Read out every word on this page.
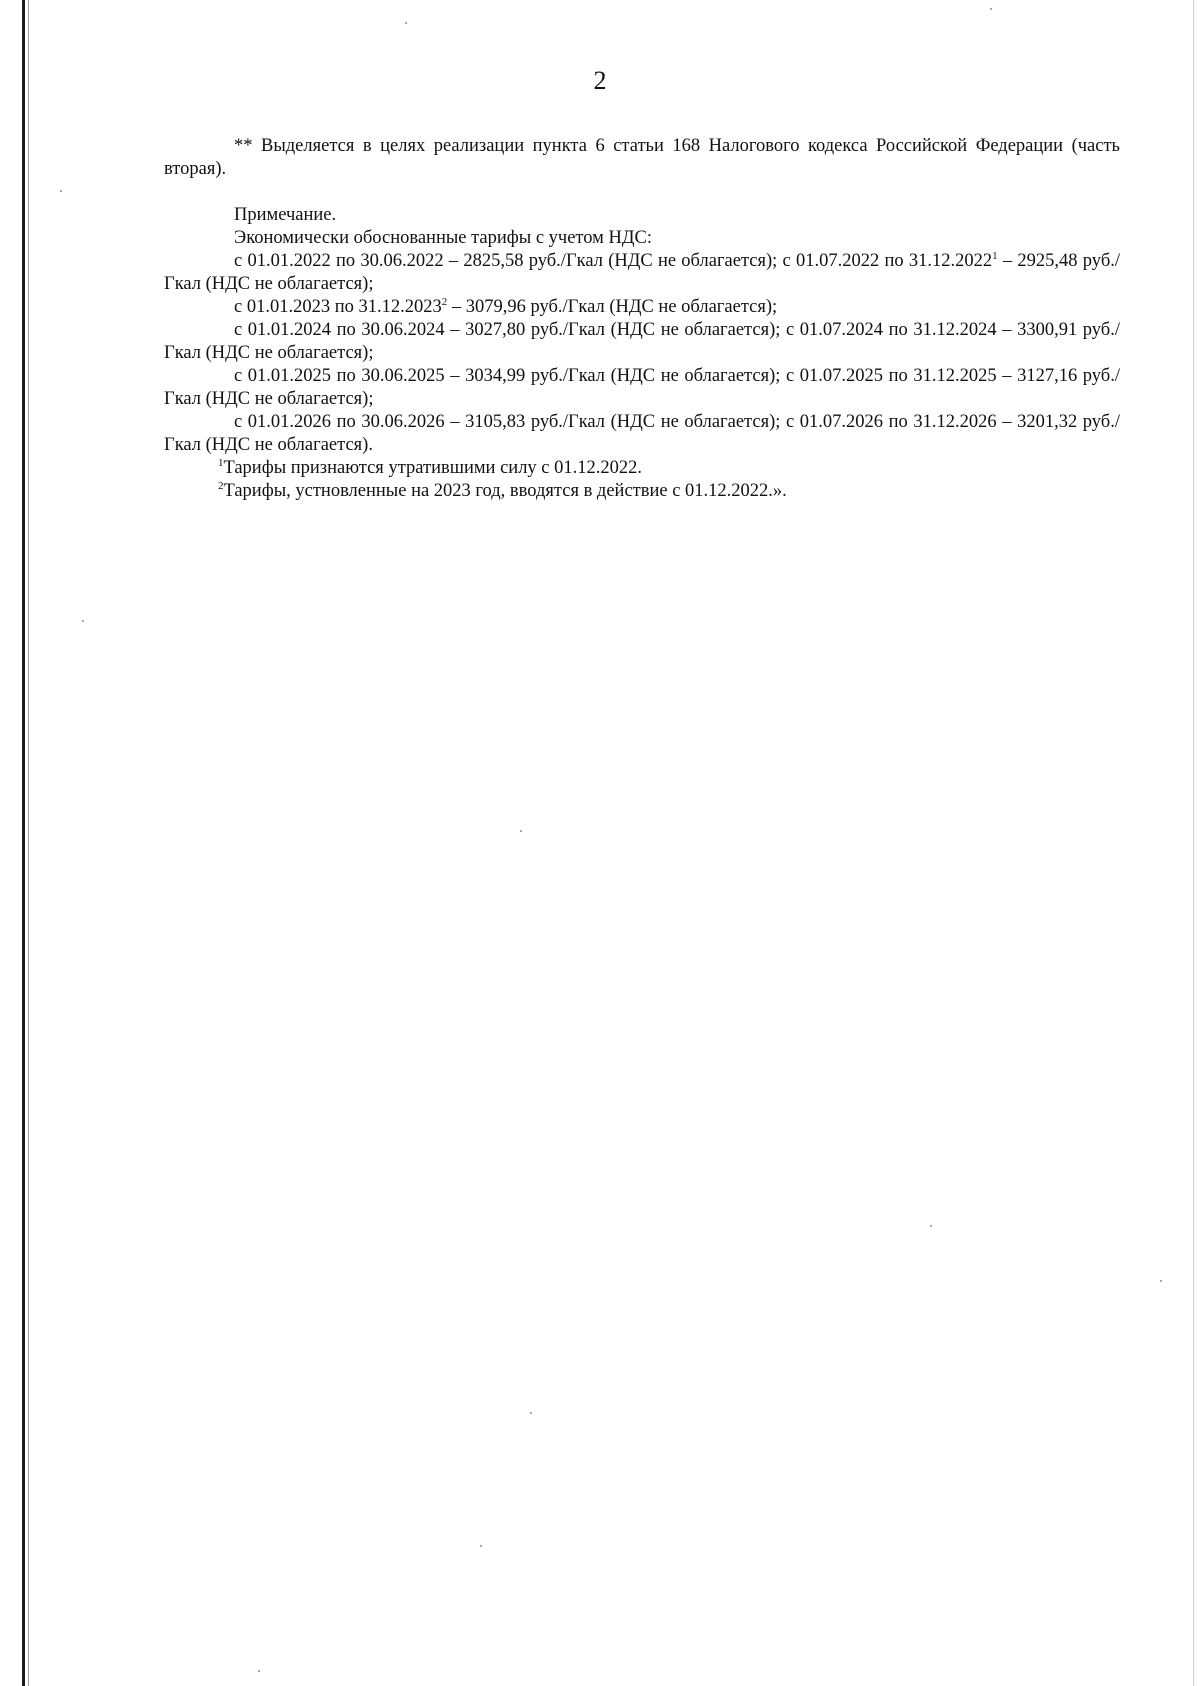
2

** Выделяется в целях реализации пункта 6 статьи 168 Налогового кодекса Российской Федерации (часть вторая).

Примечание.

Экономически обоснованные тарифы с учетом НДС:

с 01.01.2022 по 30.06.2022 – 2825,58 руб./Гкал (НДС не облагается); с 01.07.2022 по 31.12.2022$^1$ – 2925,48 руб./Гкал (НДС не облагается);

с 01.01.2023 по 31.12.2023$^2$ – 3079,96 руб./Гкал (НДС не облагается);

с 01.01.2024 по 30.06.2024 – 3027,80 руб./Гкал (НДС не облагается); с 01.07.2024 по 31.12.2024 – 3300,91 руб./Гкал (НДС не облагается);

с 01.01.2025 по 30.06.2025 – 3034,99 руб./Гкал (НДС не облагается); с 01.07.2025 по 31.12.2025 – 3127,16 руб./Гкал (НДС не облагается);

с 01.01.2026 по 30.06.2026 – 3105,83 руб./Гкал (НДС не облагается); с 01.07.2026 по 31.12.2026 – 3201,32 руб./Гкал (НДС не облагается).

$^1$Тарифы признаются утратившими силу с 01.12.2022.

$^2$Тарифы, устновленные на 2023 год, вводятся в действие с 01.12.2022.».
